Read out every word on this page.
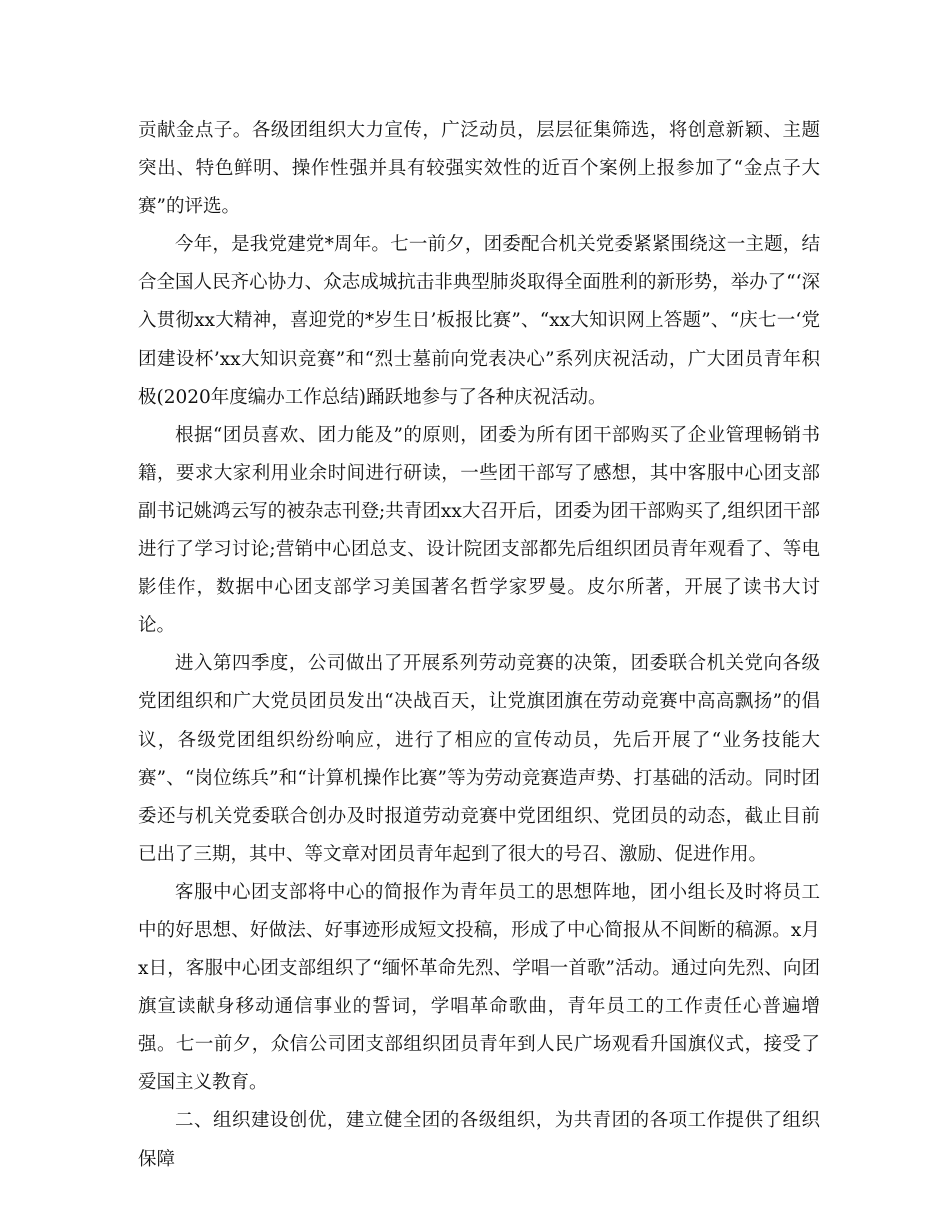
贡献金点子。各级团组织大力宣传，广泛动员，层层征集筛选，将创意新颖、主题突出、特色鲜明、操作性强并具有较强实效性的近百个案例上报参加了“金点子大赛”的评选。

今年，是我党建党*周年。七一前夕，团委配合机关党委紧紧围绕这一主题，结合全国人民齐心协力、众志成城抗击非典型肺炎取得全面胜利的新形势，举办了“‘深入贯彻xx大精神，喜迎党的*岁生日’板报比赛”、“xx大知识网上答题”、“庆七一‘党团建设杯’xx大知识竞赛”和“烈士墓前向党表决心”系列庆祝活动，广大团员青年积极(2020年度编办工作总结)踊跃地参与了各种庆祝活动。

根据“团员喜欢、团力能及”的原则，团委为所有团干部购买了企业管理畅销书籍，要求大家利用业余时间进行研读，一些团干部写了感想，其中客服中心团支部副书记姚鸿云写的被杂志刊登;共青团xx大召开后，团委为团干部购买了,组织团干部进行了学习讨论;营销中心团总支、设计院团支部都先后组织团员青年观看了、等电影佳作，数据中心团支部学习美国著名哲学家罗曼。皮尔所著，开展了读书大讨论。

进入第四季度，公司做出了开展系列劳动竞赛的决策，团委联合机关党向各级党团组织和广大党员团员发出“决战百天，让党旗团旗在劳动竞赛中高高飘扬”的倡议，各级党团组织纷纷响应，进行了相应的宣传动员，先后开展了“业务技能大赛”、“岗位练兵”和“计算机操作比赛”等为劳动竞赛造声势、打基础的活动。同时团委还与机关党委联合创办及时报道劳动竞赛中党团组织、党团员的动态，截止目前已出了三期，其中、等文章对团员青年起到了很大的号召、激励、促进作用。

客服中心团支部将中心的简报作为青年员工的思想阵地，团小组长及时将员工中的好思想、好做法、好事迹形成短文投稿，形成了中心简报从不间断的稿源。x月x日，客服中心团支部组织了“缅怀革命先烈、学唱一首歌”活动。通过向先烈、向团旗宣读献身移动通信事业的誓词，学唱革命歌曲，青年员工的工作责任心普遍增强。七一前夕，众信公司团支部组织团员青年到人民广场观看升国旗仪式，接受了爱国主义教育。

二、组织建设创优，建立健全团的各级组织，为共青团的各项工作提供了组织保障
